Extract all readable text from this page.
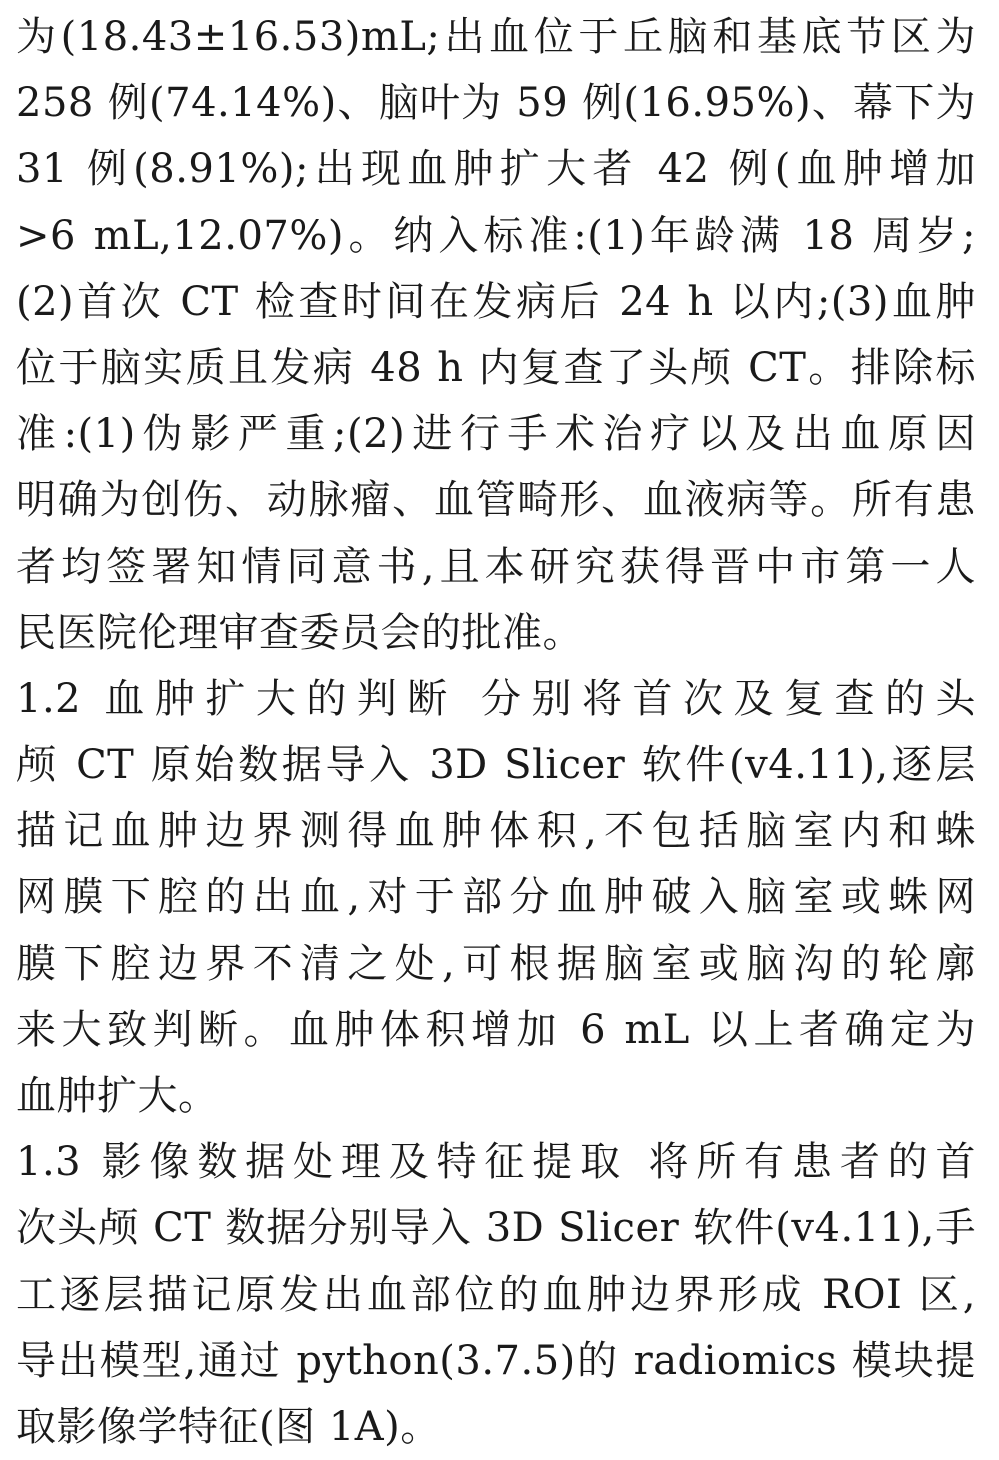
为(18.43±16.53)mL;出血位于丘脑和基底节区为
258 例(74.14%)、脑叶为 59 例(16.95%)、幕下为
31 例(8.91%);出现血肿扩大者 42 例(血肿增加
>6 mL,12.07%)。纳入标准:(1)年龄满 18 周岁;
(2)首次 CT 检查时间在发病后 24 h 以内;(3)血肿
位于脑实质且发病 48 h 内复查了头颅 CT。排除标
准:(1)伪影严重;(2)进行手术治疗以及出血原因
明确为创伤、动脉瘤、血管畸形、血液病等。所有患
者均签署知情同意书,且本研究获得晋中市第一人
民医院伦理审查委员会的批准。
1.2 血肿扩大的判断 分别将首次及复查的头
颅 CT 原始数据导入 3D Slicer 软件(v4.11),逐层
描记血肿边界测得血肿体积,不包括脑室内和蛛
网膜下腔的出血,对于部分血肿破入脑室或蛛网
膜下腔边界不清之处,可根据脑室或脑沟的轮廓
来大致判断。血肿体积增加 6 mL 以上者确定为
血肿扩大。
1.3 影像数据处理及特征提取 将所有患者的首
次头颅 CT 数据分别导入 3D Slicer 软件(v4.11),手
工逐层描记原发出血部位的血肿边界形成 ROI 区,
导出模型,通过 python(3.7.5)的 radiomics 模块提
取影像学特征(图 1A)。
